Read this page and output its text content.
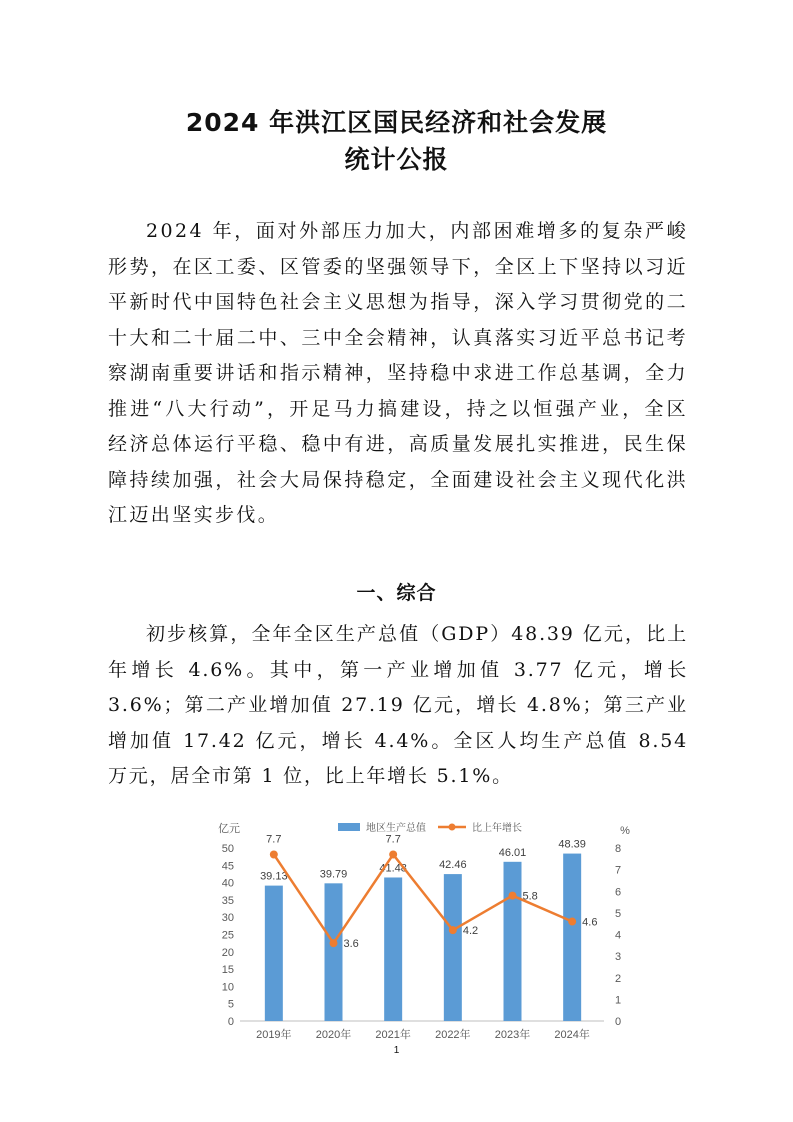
2024 年洪江区国民经济和社会发展
统计公报

2024 年，面对外部压力加大，内部困难增多的复杂严峻形势，在区工委、区管委的坚强领导下，全区上下坚持以习近平新时代中国特色社会主义思想为指导，深入学习贯彻党的二十大和二十届二中、三中全会精神，认真落实习近平总书记考察湖南重要讲话和指示精神，坚持稳中求进工作总基调，全力推进“八大行动”，开足马力搞建设，持之以恒强产业，全区经济总体运行平稳、稳中有进，高质量发展扎实推进，民生保障持续加强，社会大局保持稳定，全面建设社会主义现代化洪江迈出坚实步伐。

一、综合

初步核算，全年全区生产总值（GDP）48.39 亿元，比上年增长 4.6%。其中，第一产业增加值 3.77 亿元，增长 3.6%；第二产业增加值 27.19 亿元，增长 4.8%；第三产业增加值 17.42 亿元，增长 4.4%。全区人均生产总值 8.54 万元，居全市第 1 位，比上年增长 5.1%。

亿元	%
地区生产总值	比上年增长
0
5
10
15
20
25
30
35
40
45
50
0
1
2
3
4
5
6
7
8
39.13	39.79	41.48	42.46
46.01
48.39
2019年 2020年 2021年 2022年 2023年 2024年
7.7
3.6
7.7
4.2
5.8
4.6
1
